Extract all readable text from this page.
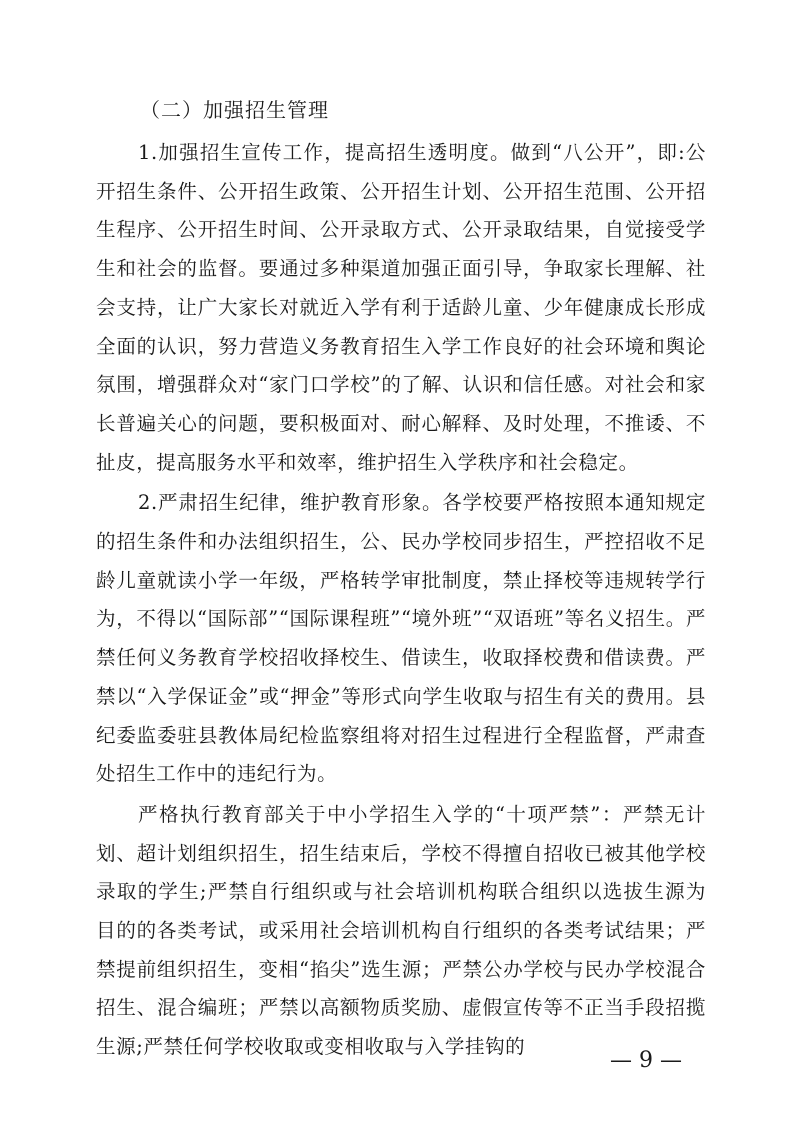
（二）加强招生管理

1.加强招生宣传工作，提高招生透明度。做到“八公开”，即:公开招生条件、公开招生政策、公开招生计划、公开招生范围、公开招生程序、公开招生时间、公开录取方式、公开录取结果，自觉接受学生和社会的监督。要通过多种渠道加强正面引导，争取家长理解、社会支持，让广大家长对就近入学有利于适龄儿童、少年健康成长形成全面的认识，努力营造义务教育招生入学工作良好的社会环境和舆论氛围，增强群众对“家门口学校”的了解、认识和信任感。对社会和家长普遍关心的问题，要积极面对、耐心解释、及时处理，不推诿、不扯皮，提高服务水平和效率，维护招生入学秩序和社会稳定。

2.严肃招生纪律，维护教育形象。各学校要严格按照本通知规定的招生条件和办法组织招生，公、民办学校同步招生，严控招收不足龄儿童就读小学一年级，严格转学审批制度，禁止择校等违规转学行为，不得以“国际部”“国际课程班”“境外班”“双语班”等名义招生。严禁任何义务教育学校招收择校生、借读生，收取择校费和借读费。严禁以“入学保证金”或“押金”等形式向学生收取与招生有关的费用。县纪委监委驻县教体局纪检监察组将对招生过程进行全程监督，严肃查处招生工作中的违纪行为。

严格执行教育部关于中小学招生入学的“十项严禁”：严禁无计划、超计划组织招生，招生结束后，学校不得擅自招收已被其他学校录取的学生;严禁自行组织或与社会培训机构联合组织以选拔生源为目的的各类考试，或采用社会培训机构自行组织的各类考试结果；严禁提前组织招生，变相“掐尖”选生源；严禁公办学校与民办学校混合招生、混合编班；严禁以高额物质奖励、虚假宣传等不正当手段招揽生源;严禁任何学校收取或变相收取与入学挂钩的

— 9 —
